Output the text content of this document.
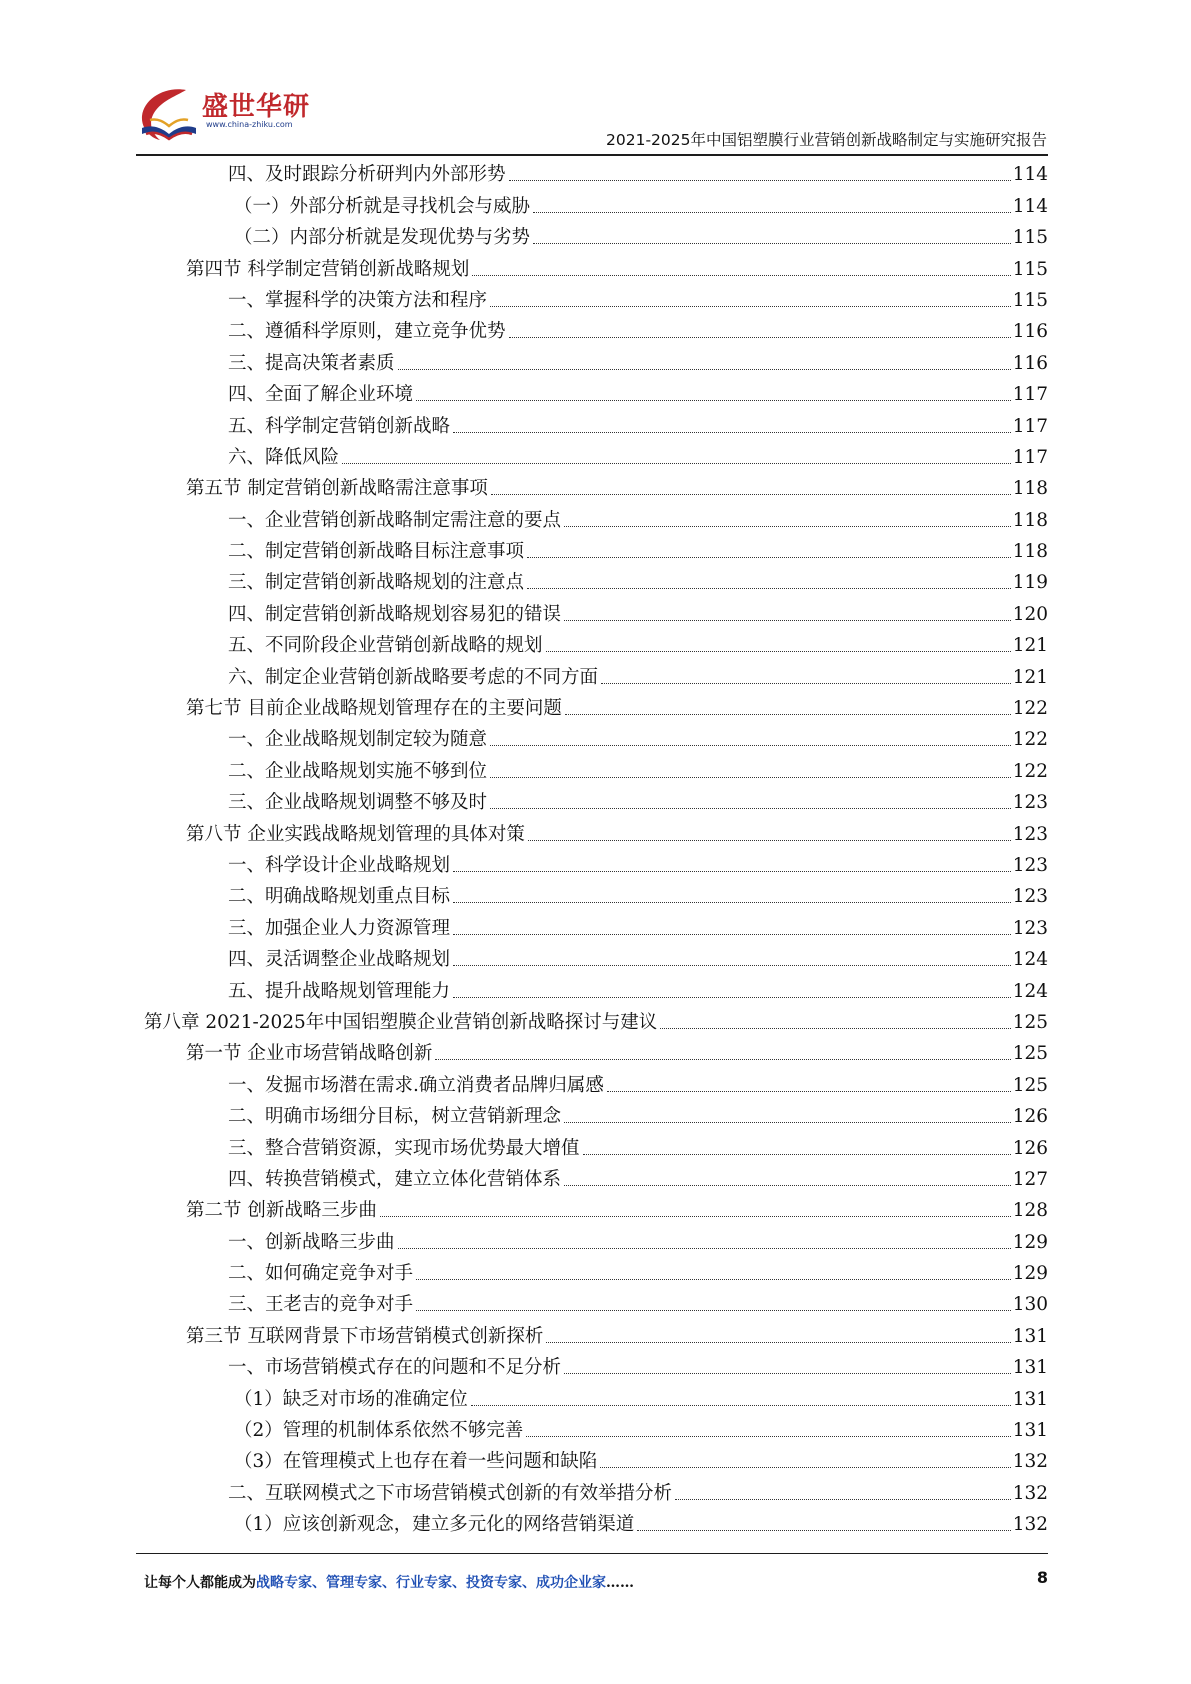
盛世华研
www.china-zhiku.com
2021-2025年中国铝塑膜行业营销创新战略制定与实施研究报告
四、及时跟踪分析研判内外部形势	114
（一）外部分析就是寻找机会与威胁	114
（二）内部分析就是发现优势与劣势	115
第四节 科学制定营销创新战略规划	115
一、掌握科学的决策方法和程序	115
二、遵循科学原则，建立竞争优势	116
三、提高决策者素质	116
四、全面了解企业环境	117
五、科学制定营销创新战略	117
六、降低风险	117
第五节 制定营销创新战略需注意事项	118
一、企业营销创新战略制定需注意的要点	118
二、制定营销创新战略目标注意事项	118
三、制定营销创新战略规划的注意点	119
四、制定营销创新战略规划容易犯的错误	120
五、不同阶段企业营销创新战略的规划	121
六、制定企业营销创新战略要考虑的不同方面	121
第七节 目前企业战略规划管理存在的主要问题	122
一、企业战略规划制定较为随意	122
二、企业战略规划实施不够到位	122
三、企业战略规划调整不够及时	123
第八节 企业实践战略规划管理的具体对策	123
一、科学设计企业战略规划	123
二、明确战略规划重点目标	123
三、加强企业人力资源管理	123
四、灵活调整企业战略规划	124
五、提升战略规划管理能力	124
第八章 2021-2025年中国铝塑膜企业营销创新战略探讨与建议	125
第一节 企业市场营销战略创新	125
一、发掘市场潜在需求.确立消费者品牌归属感	125
二、明确市场细分目标，树立营销新理念	126
三、整合营销资源，实现市场优势最大增值	126
四、转换营销模式，建立立体化营销体系	127
第二节 创新战略三步曲	128
一、创新战略三步曲	129
二、如何确定竞争对手	129
三、王老吉的竞争对手	130
第三节 互联网背景下市场营销模式创新探析	131
一、市场营销模式存在的问题和不足分析	131
（1）缺乏对市场的准确定位	131
（2）管理的机制体系依然不够完善	131
（3）在管理模式上也存在着一些问题和缺陷	132
二、互联网模式之下市场营销模式创新的有效举措分析	132
（1）应该创新观念，建立多元化的网络营销渠道	132
让每个人都能成为战略专家、管理专家、行业专家、投资专家、成功企业家……	8
